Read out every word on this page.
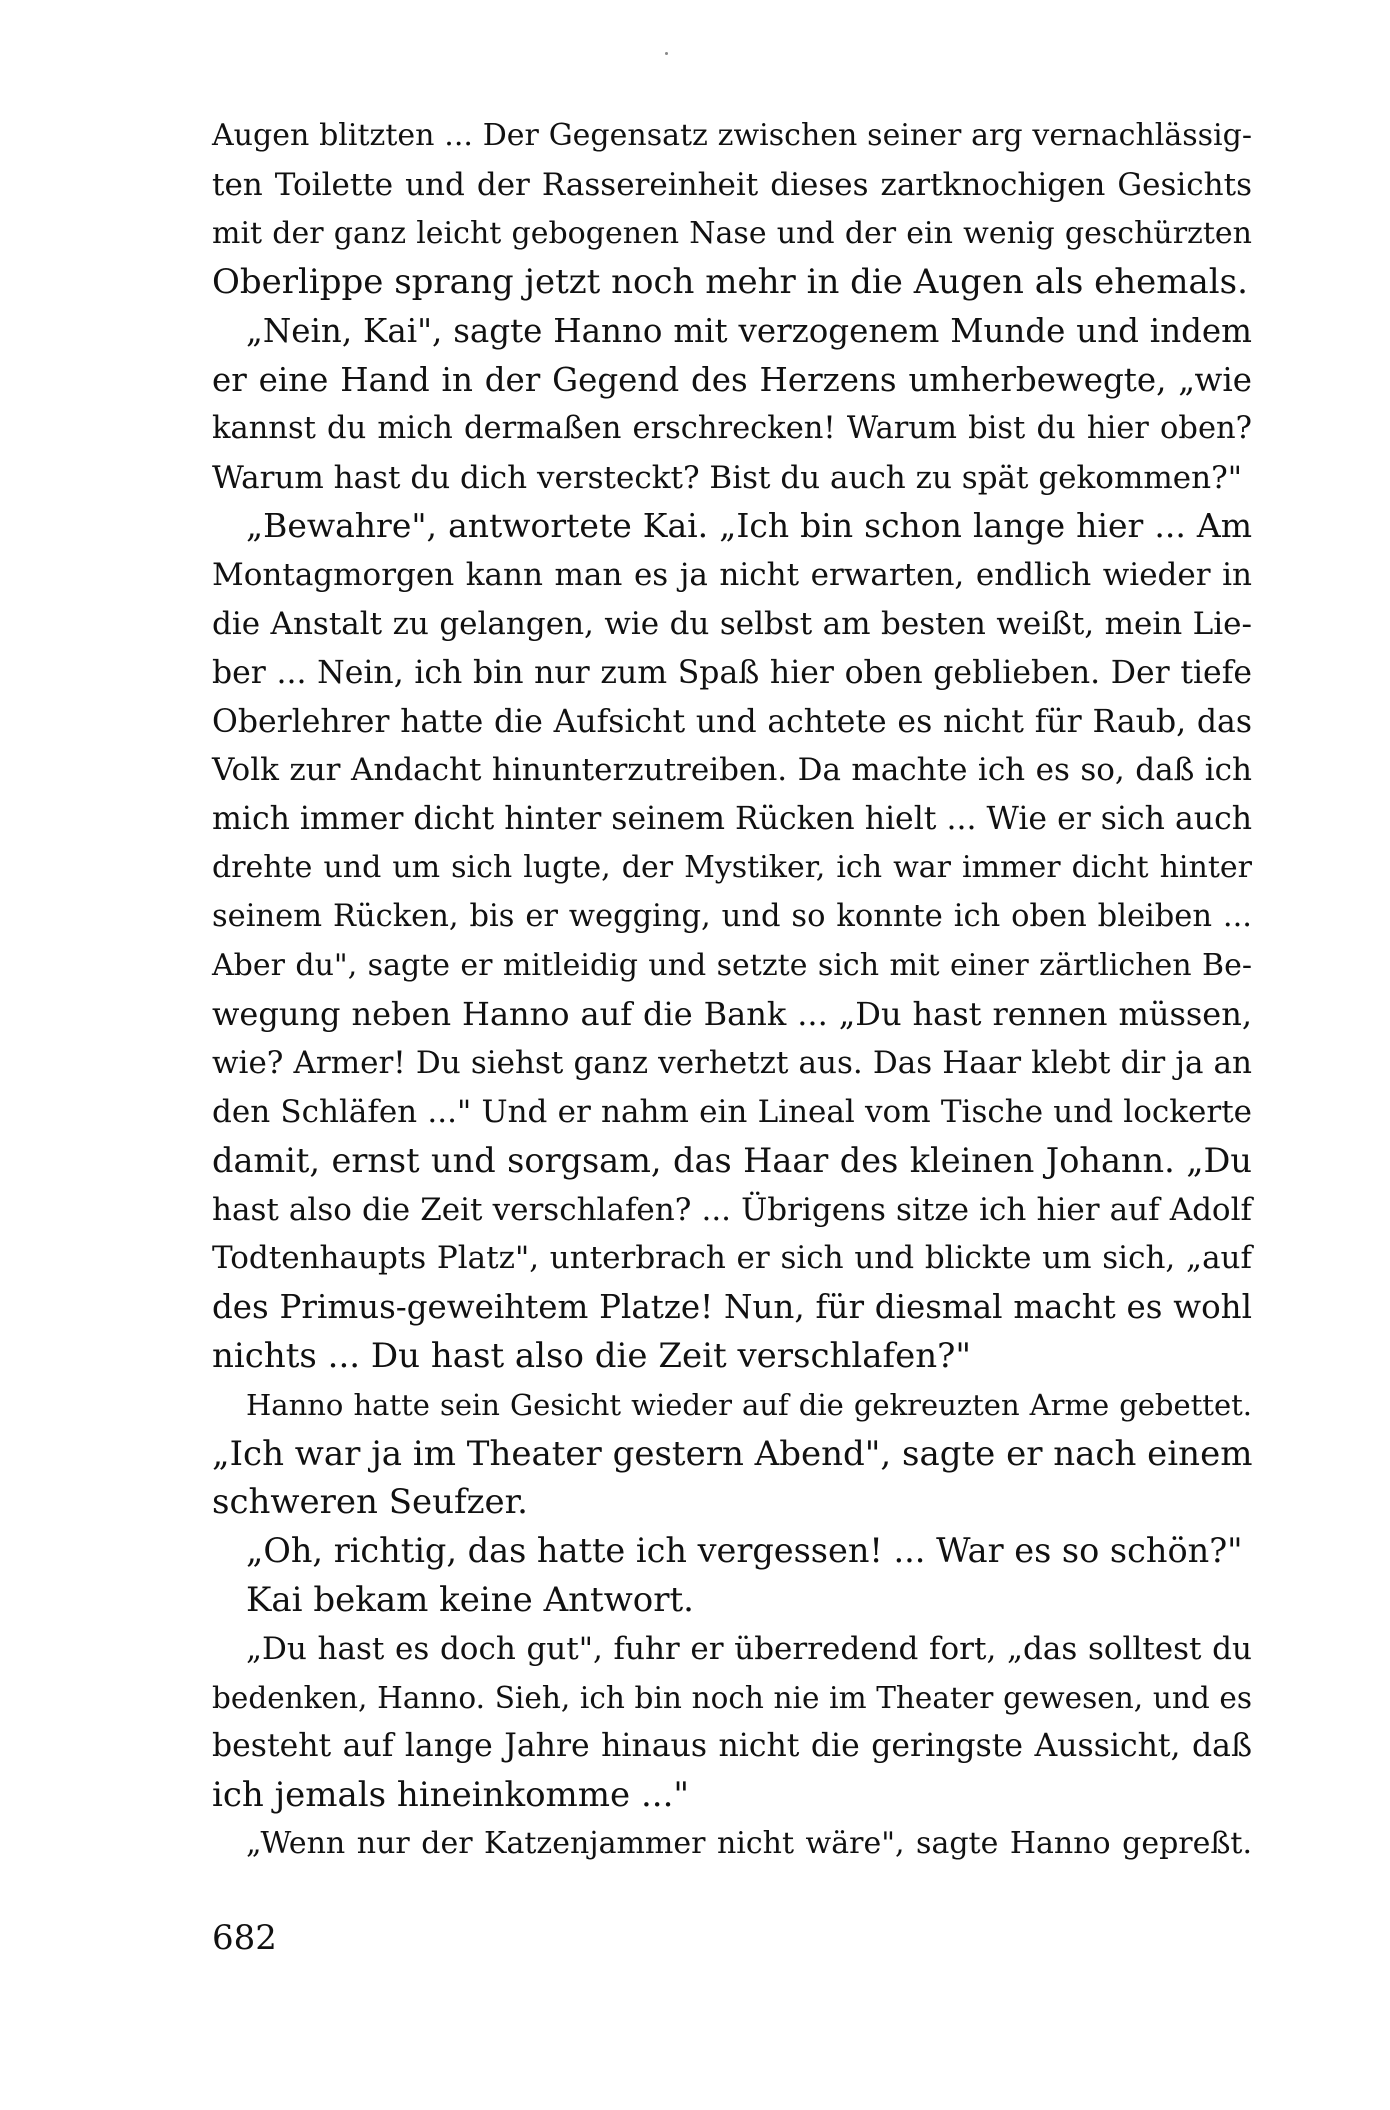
Augen blitzten ... Der Gegensatz zwischen seiner arg vernachlässig-
ten Toilette und der Rassereinheit dieses zartknochigen Gesichts
mit der ganz leicht gebogenen Nase und der ein wenig geschürzten
Oberlippe sprang jetzt noch mehr in die Augen als ehemals.
„Nein, Kai", sagte Hanno mit verzogenem Munde und indem
er eine Hand in der Gegend des Herzens umherbewegte, „wie
kannst du mich dermaßen erschrecken! Warum bist du hier oben?
Warum hast du dich versteckt? Bist du auch zu spät gekommen?"
„Bewahre", antwortete Kai. „Ich bin schon lange hier ... Am
Montagmorgen kann man es ja nicht erwarten, endlich wieder in
die Anstalt zu gelangen, wie du selbst am besten weißt, mein Lie-
ber ... Nein, ich bin nur zum Spaß hier oben geblieben. Der tiefe
Oberlehrer hatte die Aufsicht und achtete es nicht für Raub, das
Volk zur Andacht hinunterzutreiben. Da machte ich es so, daß ich
mich immer dicht hinter seinem Rücken hielt ... Wie er sich auch
drehte und um sich lugte, der Mystiker, ich war immer dicht hinter
seinem Rücken, bis er wegging, und so konnte ich oben bleiben ...
Aber du", sagte er mitleidig und setzte sich mit einer zärtlichen Be-
wegung neben Hanno auf die Bank ... „Du hast rennen müssen,
wie? Armer! Du siehst ganz verhetzt aus. Das Haar klebt dir ja an
den Schläfen ..." Und er nahm ein Lineal vom Tische und lockerte
damit, ernst und sorgsam, das Haar des kleinen Johann. „Du
hast also die Zeit verschlafen? ... Übrigens sitze ich hier auf Adolf
Todtenhaupts Platz", unterbrach er sich und blickte um sich, „auf
des Primus-geweihtem Platze! Nun, für diesmal macht es wohl
nichts ... Du hast also die Zeit verschlafen?"
Hanno hatte sein Gesicht wieder auf die gekreuzten Arme gebettet.
„Ich war ja im Theater gestern Abend", sagte er nach einem
schweren Seufzer.
„Oh, richtig, das hatte ich vergessen! ... War es so schön?"
Kai bekam keine Antwort.
„Du hast es doch gut", fuhr er überredend fort, „das solltest du
bedenken, Hanno. Sieh, ich bin noch nie im Theater gewesen, und es
besteht auf lange Jahre hinaus nicht die geringste Aussicht, daß
ich jemals hineinkomme ..."
„Wenn nur der Katzenjammer nicht wäre", sagte Hanno gepreßt.
682
